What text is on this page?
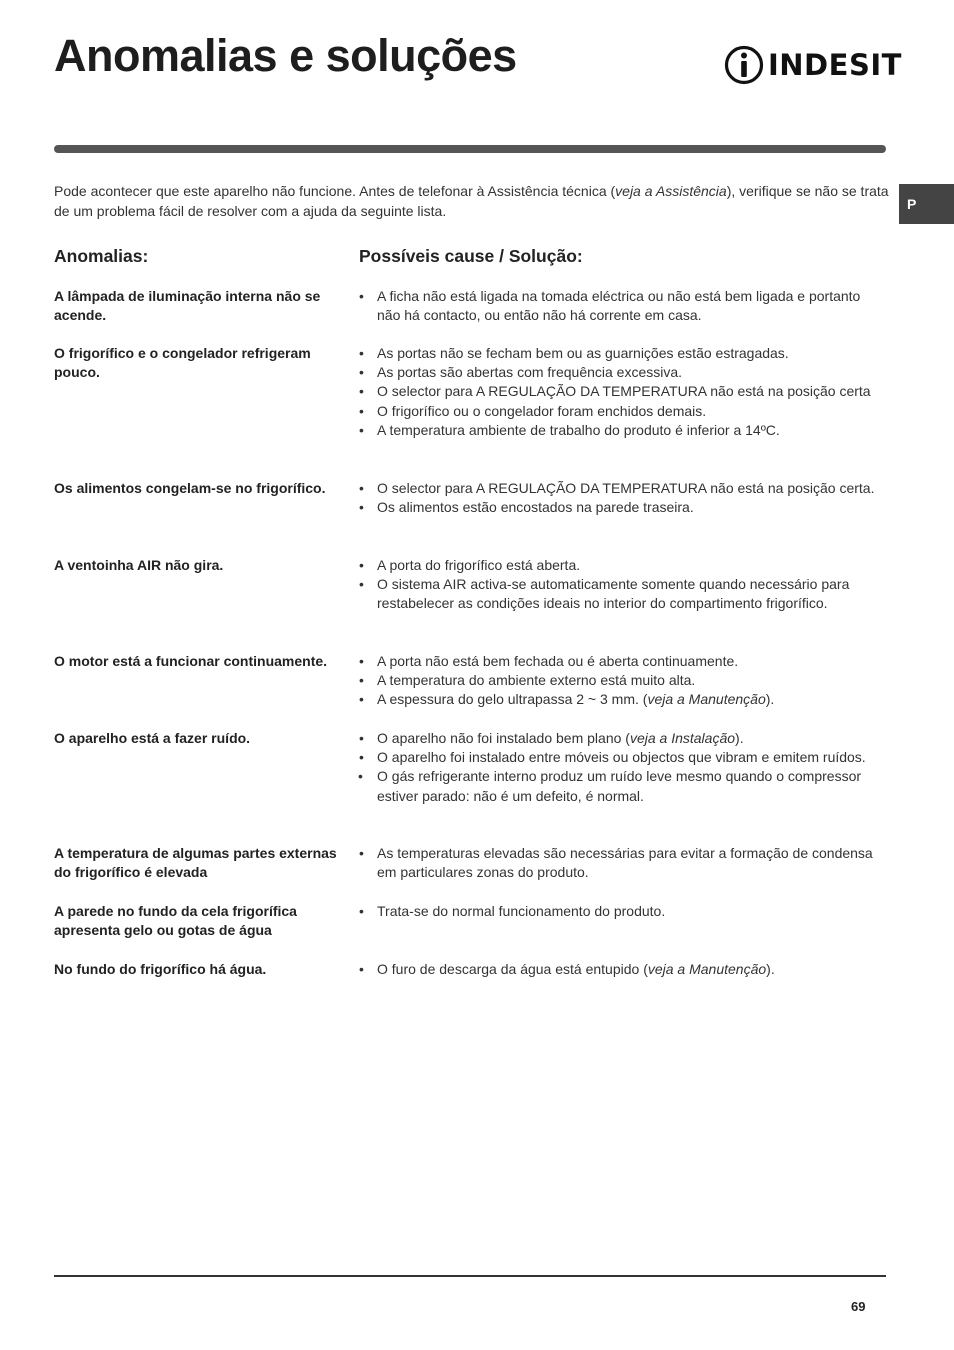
Anomalias e soluções	INDESIT
P

Pode acontecer que este aparelho não funcione. Antes de telefonar à Assistência técnica (veja a Assistência), verifique se não se trata de um problema fácil de resolver com a ajuda da seguinte lista.

Anomalias:	Possíveis cause / Solução:

A lâmpada de iluminação interna não se acende.

• A ficha não está ligada na tomada eléctrica ou não está bem ligada e portanto não há contacto, ou então não há corrente em casa.

O frigorífico e o congelador refrigeram pouco.

• As portas não se fecham bem ou as guarnições estão estragadas.
• As portas são abertas com frequência excessiva.
• O selector para A REGULAÇÃO DA TEMPERATURA não está na posição certa
• O frigorífico ou o congelador foram enchidos demais.
• A temperatura ambiente de trabalho do produto é inferior a 14ºC.

Os alimentos congelam-se no frigorífico.	• O selector para A REGULAÇÃO DA TEMPERATURA não está na posição certa.
• Os alimentos estão encostados na parede traseira.

A ventoinha AIR não gira.	• A porta do frigorífico está aberta.
• O sistema AIR activa-se automaticamente somente quando necessário para restabelecer as condições ideais no interior do compartimento frigorífico.

O motor está a funcionar continuamente.	• A porta não está bem fechada ou é aberta continuamente.
• A temperatura do ambiente externo está muito alta.
• A espessura do gelo ultrapassa 2 ~ 3 mm. (veja a Manutenção).

O aparelho está a fazer ruído.	• O aparelho não foi instalado bem plano (veja a Instalação).
• O aparelho foi instalado entre móveis ou objectos que vibram e emitem ruídos.
• O gás refrigerante interno produz um ruído leve mesmo quando o compressor estiver parado: não é um defeito, é normal.

A temperatura de algumas partes externas do frigorífico é elevada

• As temperaturas elevadas são necessárias para evitar a formação de condensa em particulares zonas do produto.

A parede no fundo da cela frigorífica apresenta gelo ou gotas de água

• Trata-se do normal funcionamento do produto.

No fundo do frigorífico há água.	• O furo de descarga da água está entupido (veja a Manutenção).
69
